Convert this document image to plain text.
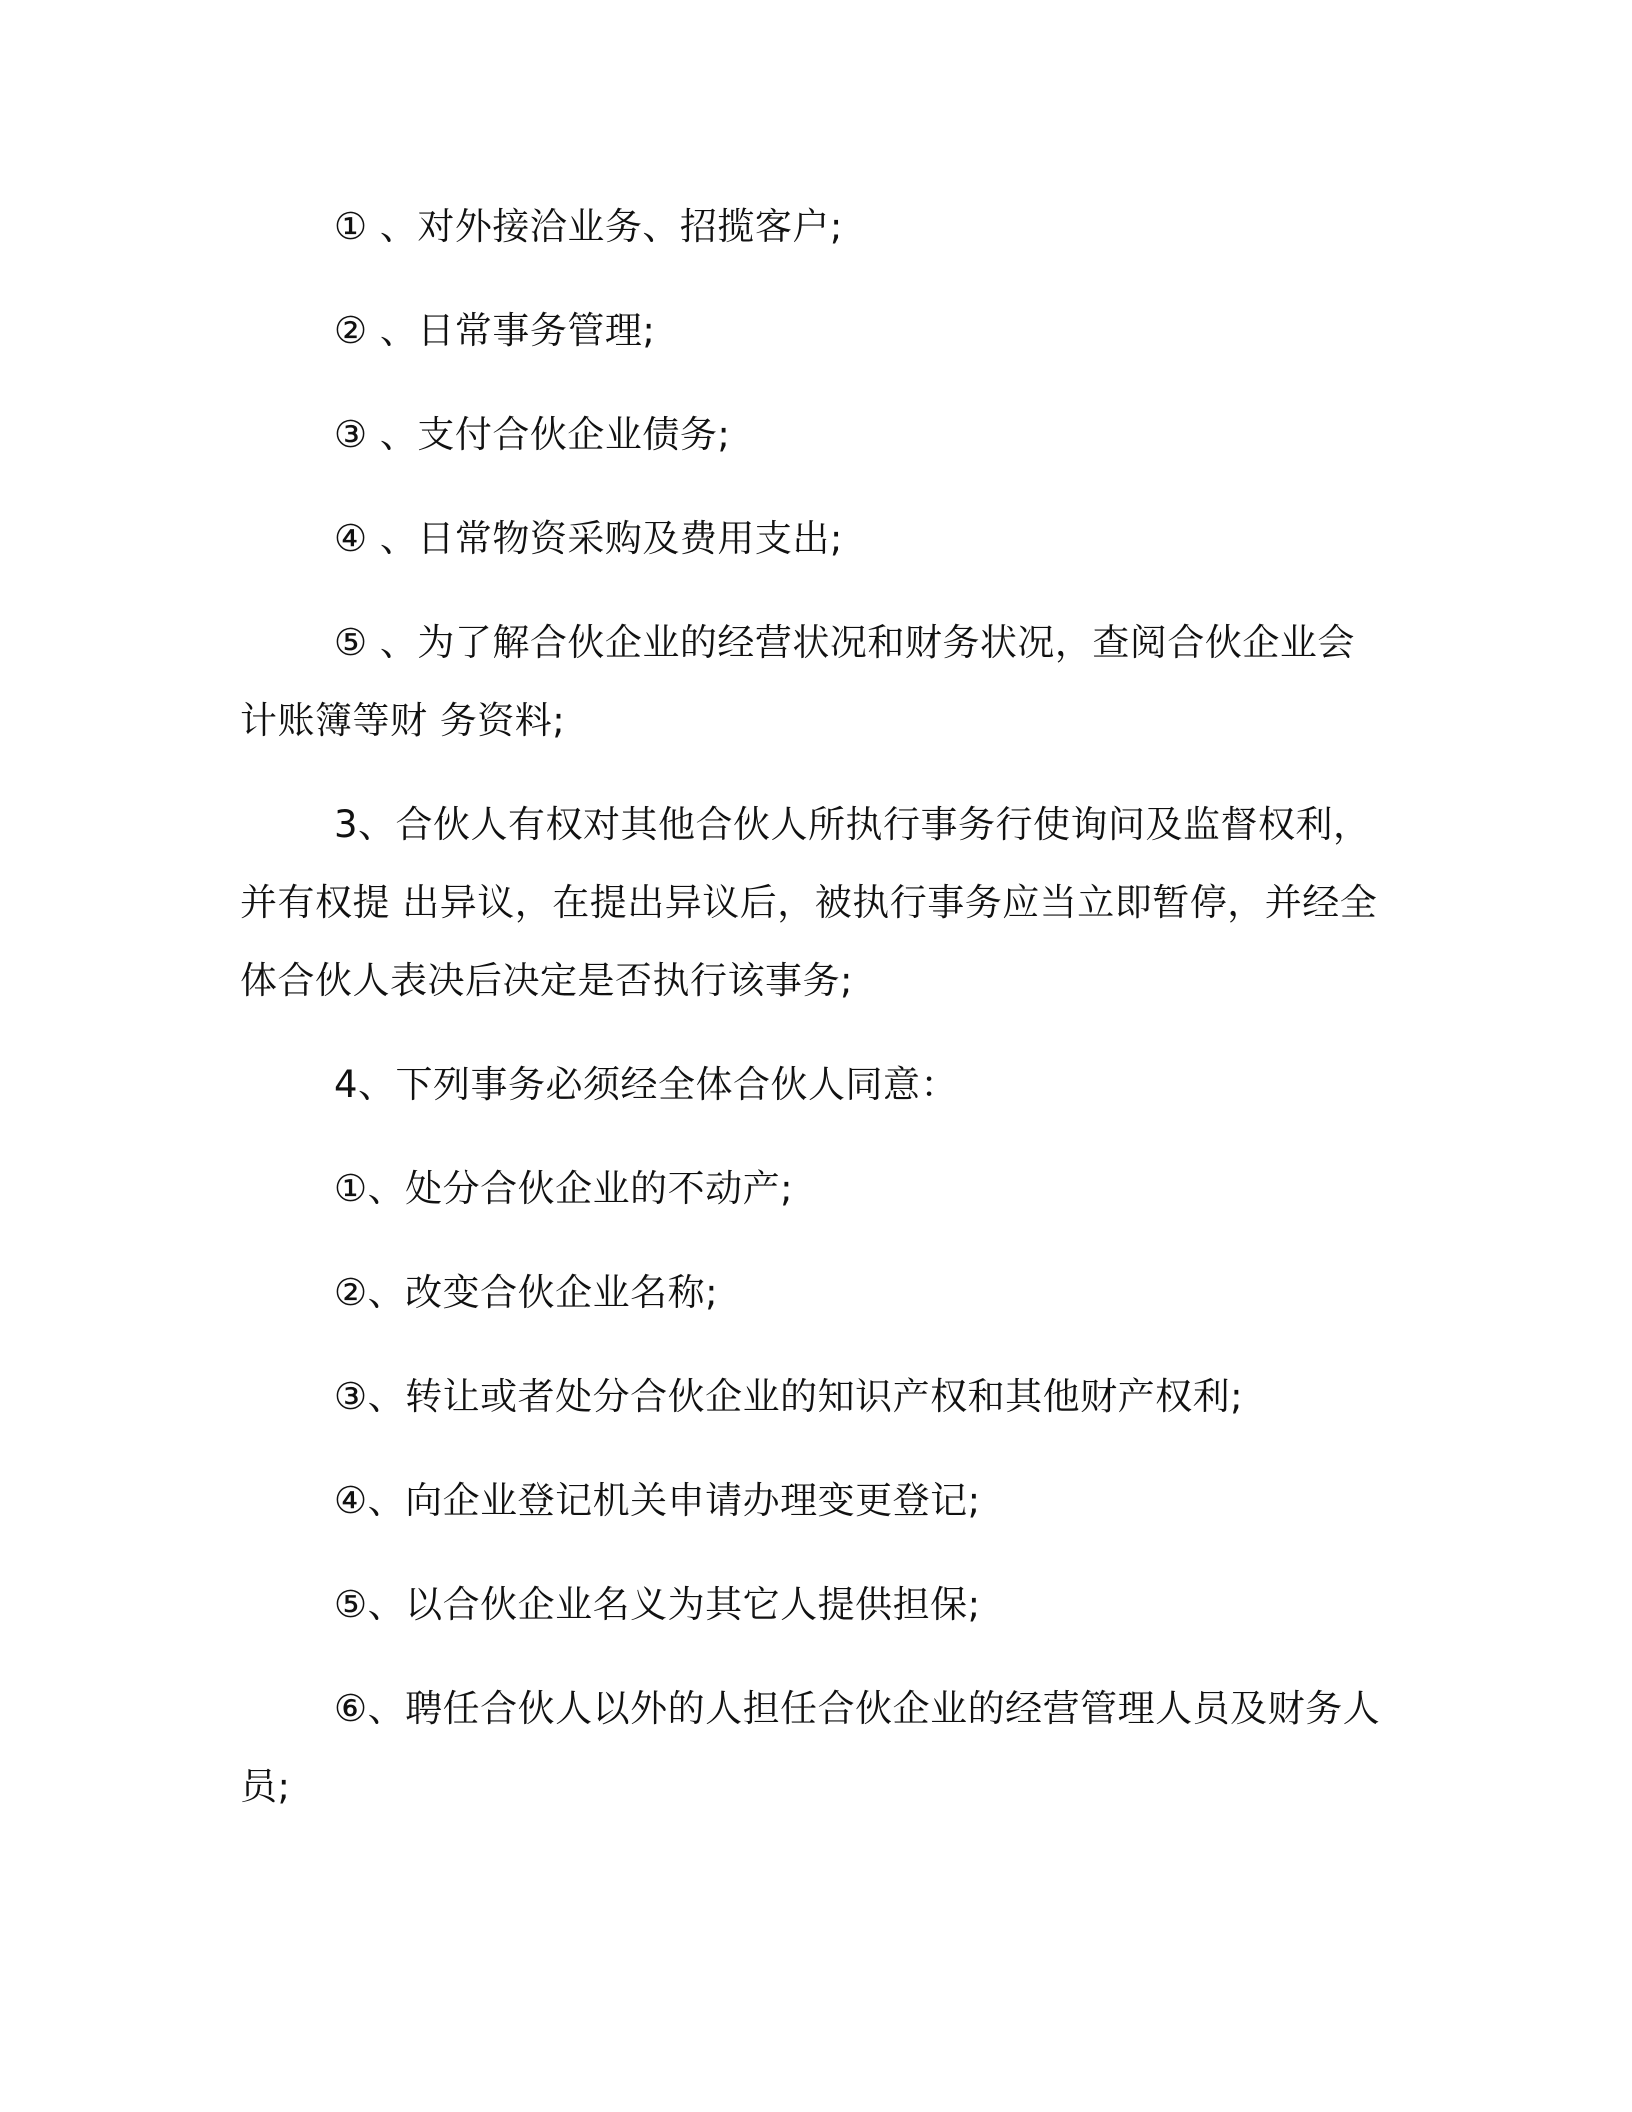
① 、对外接洽业务、招揽客户;

② 、日常事务管理;

③ 、支付合伙企业债务;

④ 、日常物资采购及费用支出;

⑤ 、为了解合伙企业的经营状况和财务状况，查阅合伙企业会计账簿等财 务资料;

3、合伙人有权对其他合伙人所执行事务行使询问及监督权利，并有权提 出异议，在提出异议后，被执行事务应当立即暂停，并经全体合伙人表决后决定是否执行该事务;

4、下列事务必须经全体合伙人同意：

①、处分合伙企业的不动产;

②、改变合伙企业名称;

③、转让或者处分合伙企业的知识产权和其他财产权利;

④、向企业登记机关申请办理变更登记;

⑤、以合伙企业名义为其它人提供担保;

⑥、聘任合伙人以外的人担任合伙企业的经营管理人员及财务人员;
